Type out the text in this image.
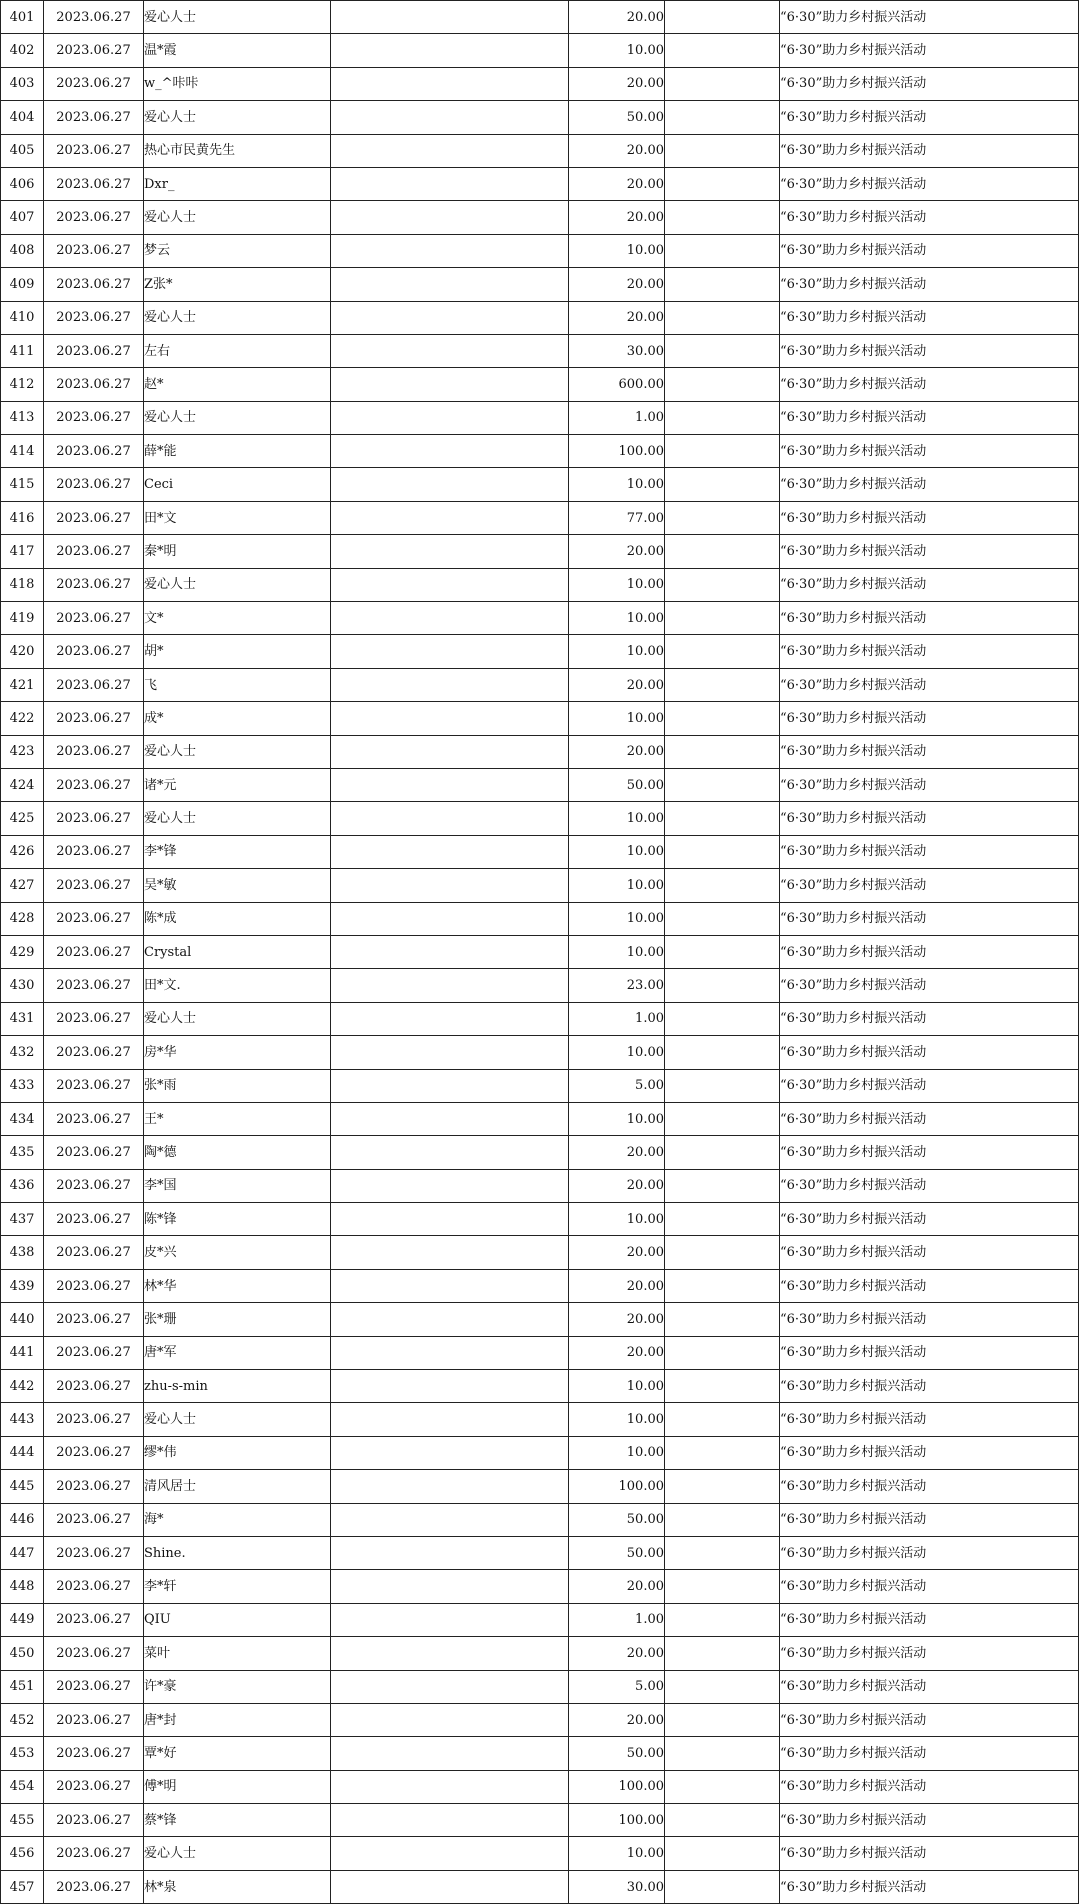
401	2023.06.27	爱心人士		20.00		“6·30”助力乡村振兴活动
402	2023.06.27	温*霞		10.00		“6·30”助力乡村振兴活动
403	2023.06.27	w_^咔咔		20.00		“6·30”助力乡村振兴活动
404	2023.06.27	爱心人士		50.00		“6·30”助力乡村振兴活动
405	2023.06.27	热心市民黄先生		20.00		“6·30”助力乡村振兴活动
406	2023.06.27	Dxr_		20.00		“6·30”助力乡村振兴活动
407	2023.06.27	爱心人士		20.00		“6·30”助力乡村振兴活动
408	2023.06.27	梦云		10.00		“6·30”助力乡村振兴活动
409	2023.06.27	Z张*		20.00		“6·30”助力乡村振兴活动
410	2023.06.27	爱心人士		20.00		“6·30”助力乡村振兴活动
411	2023.06.27	左右		30.00		“6·30”助力乡村振兴活动
412	2023.06.27	赵*		600.00		“6·30”助力乡村振兴活动
413	2023.06.27	爱心人士		1.00		“6·30”助力乡村振兴活动
414	2023.06.27	薛*能		100.00		“6·30”助力乡村振兴活动
415	2023.06.27	Ceci		10.00		“6·30”助力乡村振兴活动
416	2023.06.27	田*文		77.00		“6·30”助力乡村振兴活动
417	2023.06.27	秦*明		20.00		“6·30”助力乡村振兴活动
418	2023.06.27	爱心人士		10.00		“6·30”助力乡村振兴活动
419	2023.06.27	文*		10.00		“6·30”助力乡村振兴活动
420	2023.06.27	胡*		10.00		“6·30”助力乡村振兴活动
421	2023.06.27	飞		20.00		“6·30”助力乡村振兴活动
422	2023.06.27	成*		10.00		“6·30”助力乡村振兴活动
423	2023.06.27	爱心人士		20.00		“6·30”助力乡村振兴活动
424	2023.06.27	诸*元		50.00		“6·30”助力乡村振兴活动
425	2023.06.27	爱心人士		10.00		“6·30”助力乡村振兴活动
426	2023.06.27	李*锋		10.00		“6·30”助力乡村振兴活动
427	2023.06.27	吴*敏		10.00		“6·30”助力乡村振兴活动
428	2023.06.27	陈*成		10.00		“6·30”助力乡村振兴活动
429	2023.06.27	Crystal		10.00		“6·30”助力乡村振兴活动
430	2023.06.27	田*文.		23.00		“6·30”助力乡村振兴活动
431	2023.06.27	爱心人士		1.00		“6·30”助力乡村振兴活动
432	2023.06.27	房*华		10.00		“6·30”助力乡村振兴活动
433	2023.06.27	张*雨		5.00		“6·30”助力乡村振兴活动
434	2023.06.27	王*		10.00		“6·30”助力乡村振兴活动
435	2023.06.27	陶*德		20.00		“6·30”助力乡村振兴活动
436	2023.06.27	李*国		20.00		“6·30”助力乡村振兴活动
437	2023.06.27	陈*锋		10.00		“6·30”助力乡村振兴活动
438	2023.06.27	皮*兴		20.00		“6·30”助力乡村振兴活动
439	2023.06.27	林*华		20.00		“6·30”助力乡村振兴活动
440	2023.06.27	张*珊		20.00		“6·30”助力乡村振兴活动
441	2023.06.27	唐*军		20.00		“6·30”助力乡村振兴活动
442	2023.06.27	zhu-s-min		10.00		“6·30”助力乡村振兴活动
443	2023.06.27	爱心人士		10.00		“6·30”助力乡村振兴活动
444	2023.06.27	缪*伟		10.00		“6·30”助力乡村振兴活动
445	2023.06.27	清风居士		100.00		“6·30”助力乡村振兴活动
446	2023.06.27	海*		50.00		“6·30”助力乡村振兴活动
447	2023.06.27	Shine.		50.00		“6·30”助力乡村振兴活动
448	2023.06.27	李*轩		20.00		“6·30”助力乡村振兴活动
449	2023.06.27	QIU		1.00		“6·30”助力乡村振兴活动
450	2023.06.27	菜叶		20.00		“6·30”助力乡村振兴活动
451	2023.06.27	许*豪		5.00		“6·30”助力乡村振兴活动
452	2023.06.27	唐*封		20.00		“6·30”助力乡村振兴活动
453	2023.06.27	覃*好		50.00		“6·30”助力乡村振兴活动
454	2023.06.27	傅*明		100.00		“6·30”助力乡村振兴活动
455	2023.06.27	蔡*锋		100.00		“6·30”助力乡村振兴活动
456	2023.06.27	爱心人士		10.00		“6·30”助力乡村振兴活动
457	2023.06.27	林*泉		30.00		“6·30”助力乡村振兴活动
